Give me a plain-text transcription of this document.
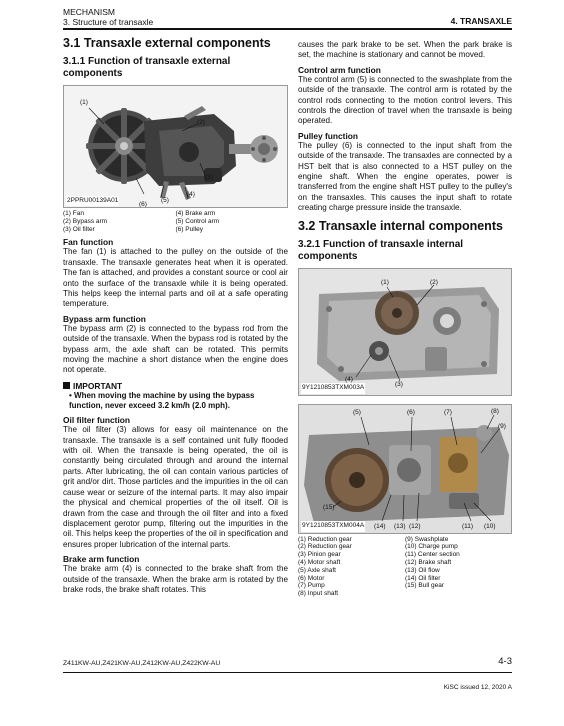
MECHANISM
3. Structure of transaxle	4. TRANSAXLE
3.1 Transaxle external components
3.1.1 Function of transaxle external components
(1)
(2)
(3)
(4)
(5)
(6)
2PPRU00139A01
(1) Fan	(4) Brake arm
(2) Bypass arm	(5) Control arm
(3) Oil filter	(6) Pulley
Fan function

The fan (1) is attached to the pulley on the outside of the transaxle. The transaxle generates heat when it is operated. The fan is attached, and provides a constant source or cool air onto the surface of the transaxle while it is being operated. This helps keep the internal parts and oil at a safe operating temperature.

Bypass arm function

The bypass arm (2) is connected to the bypass rod from the outside of the transaxle. When the bypass rod is rotated by the bypass arm, the axle shaft can be rotated. This permits moving the machine a short distance when the engine does not operate.

IMPORTANT
• When moving the machine by using the bypass function, never exceed 3.2 km/h (2.0 mph).
Oil filter function

The oil filter (3) allows for easy oil maintenance on the transaxle. The transaxle is a self contained unit fully flooded with oil. When the transaxle is being operated, the oil is constantly being circulated through and around the internal parts. After lubricating, the oil can contain various particles of grit and/or dirt. Those particles and the impurities in the oil can cause wear or seizure of the internal parts. It may also impair the physical and chemical properties of the oil itself. Oil is drawn from the case and through the oil filter and into a fixed displacement gerotor pump, filtering out the impurities in the oil. This helps keep the properties of the oil in specification and ensures proper lubrication of the internal parts.

Brake arm function

The brake arm (4) is connected to the brake shaft from the outside of the transaxle. When the brake arm is rotated by the brake rods, the brake shaft rotates. This

causes the park brake to be set. When the park brake is set, the machine is stationary and cannot be moved.

Control arm function

The control arm (5) is connected to the swashplate from the outside of the transaxle. The control arm is rotated by the control rods connecting to the motion control levers. This controls the direction of travel when the transaxle is being operated.

Pulley function

The pulley (6) is connected to the input shaft from the outside of the transaxle. The transaxles are connected by a HST belt that is also connected to a HST pulley on the engine shaft. When the engine operates, power is transferred from the engine shaft HST pulley to the pulley's on the transaxles. This causes the input shaft to rotate creating charge pressure inside the transaxle.

3.2 Transaxle internal components
3.2.1 Function of transaxle internal components
(1)	(2)
(3)
(4)
9Y1210853TXM003A
(5)	(6)	(7)	(8)
(9)
(10)
(11)
(12)
(13)
(14)
(15)
9Y1210853TXM004A
(1) Reduction gear	(9) Swashplate
(2) Reduction gear	(10) Charge pump
(3) Pinion gear	(11) Center section
(4) Motor shaft	(12) Brake shaft
(5) Axle shaft	(13) Oil flow
(6) Motor	(14) Oil filter
(7) Pump	(15) Bull gear
(8) Input shaft
Z411KW-AU,Z421KW-AU,Z412KW-AU,Z422KW-AU	4-3
KiSC issued 12, 2020 A
